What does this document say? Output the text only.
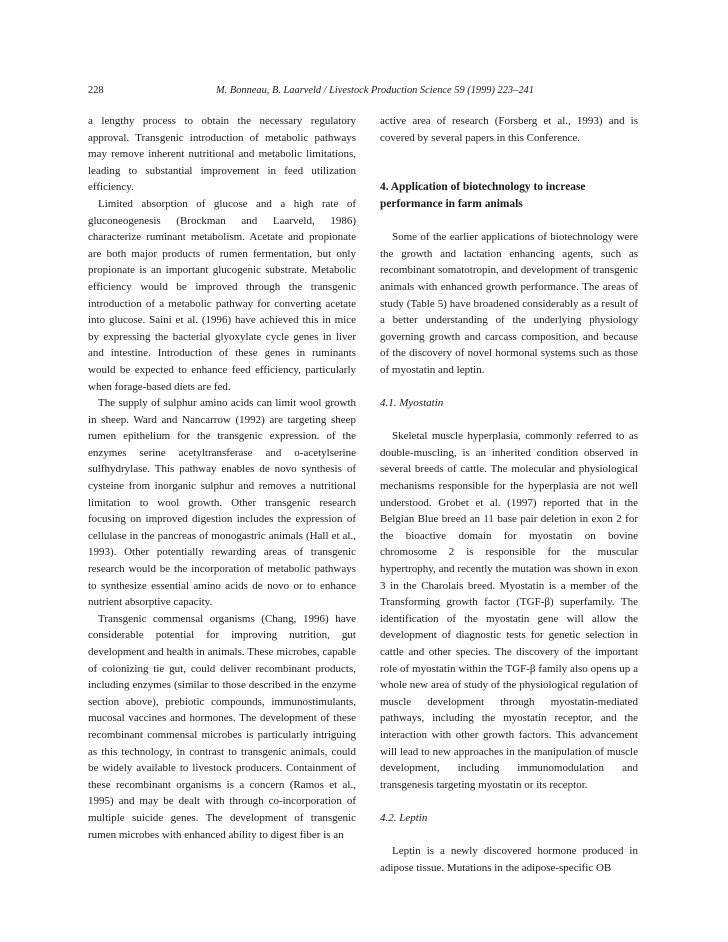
228	M. Bonneau, B. Laarveld / Livestock Production Science 59 (1999) 223–241

a lengthy process to obtain the necessary regulatory approval. Transgenic introduction of metabolic pathways may remove inherent nutritional and metabolic limitations, leading to substantial improvement in feed utilization efficiency.

Limited absorption of glucose and a high rate of gluconeogenesis (Brockman and Laarveld, 1986) characterize ruminant metabolism. Acetate and propionate are both major products of rumen fermentation, but only propionate is an important glucogenic substrate. Metabolic efficiency would be improved through the transgenic introduction of a metabolic pathway for converting acetate into glucose. Saini et al. (1996) have achieved this in mice by expressing the bacterial glyoxylate cycle genes in liver and intestine. Introduction of these genes in ruminants would be expected to enhance feed efficiency, particularly when forage-based diets are fed.

The supply of sulphur amino acids can limit wool growth in sheep. Ward and Nancarrow (1992) are targeting sheep rumen epithelium for the transgenic expression. of the enzymes serine acetyltransferase and o-acetylserine sulfhydrylase. This pathway enables de novo synthesis of cysteine from inorganic sulphur and removes a nutritional limitation to wool growth. Other transgenic research focusing on improved digestion includes the expression of cellulase in the pancreas of monogastric animals (Hall et al., 1993). Other potentially rewarding areas of transgenic research would be the incorporation of metabolic pathways to synthesize essential amino acids de novo or to enhance nutrient absorptive capacity.

Transgenic commensal organisms (Chang, 1996) have considerable potential for improving nutrition, gut development and health in animals. These microbes, capable of colonizing tie gut, could deliver recombinant products, including enzymes (similar to those described in the enzyme section above), prebiotic compounds, immunostimulants, mucosal vaccines and hormones. The development of these recombinant commensal microbes is particularly intriguing as this technology, in contrast to transgenic animals, could be widely available to livestock producers. Containment of these recombinant organisms is a concern (Ramos et al., 1995) and may be dealt with through co-incorporation of multiple suicide genes. The development of transgenic rumen microbes with enhanced ability to digest fiber is an

active area of research (Forsberg et al., 1993) and is covered by several papers in this Conference.

4. Application of biotechnology to increase performance in farm animals

Some of the earlier applications of biotechnology were the growth and lactation enhancing agents, such as recombinant somatotropin, and development of transgenic animals with enhanced growth performance. The areas of study (Table 5) have broadened considerably as a result of a better understanding of the underlying physiology governing growth and carcass composition, and because of the discovery of novel hormonal systems such as those of myostatin and leptin.

4.1. Myostatin

Skeletal muscle hyperplasia, commonly referred to as double-muscling, is an inherited condition observed in several breeds of cattle. The molecular and physiological mechanisms responsible for the hyperplasia are not well understood. Grobet et al. (1997) reported that in the Belgian Blue breed an 11 base pair deletion in exon 2 for the bioactive domain for myostatin on bovine chromosome 2 is responsible for the muscular hypertrophy, and recently the mutation was shown in exon 3 in the Charolais breed. Myostatin is a member of the Transforming growth factor (TGF-β) superfamily. The identification of the myostatin gene will allow the development of diagnostic tests for genetic selection in cattle and other species. The discovery of the important role of myostatin within the TGF-β family also opens up a whole new area of study of the physiological regulation of muscle development through myostatin-mediated pathways, including the myostatin receptor, and the interaction with other growth factors. This advancement will lead to new approaches in the manipulation of muscle development, including immunomodulation and transgenesis targeting myostatin or its receptor.

4.2. Leptin

Leptin is a newly discovered hormone produced in adipose tissue. Mutations in the adipose-specific OB
